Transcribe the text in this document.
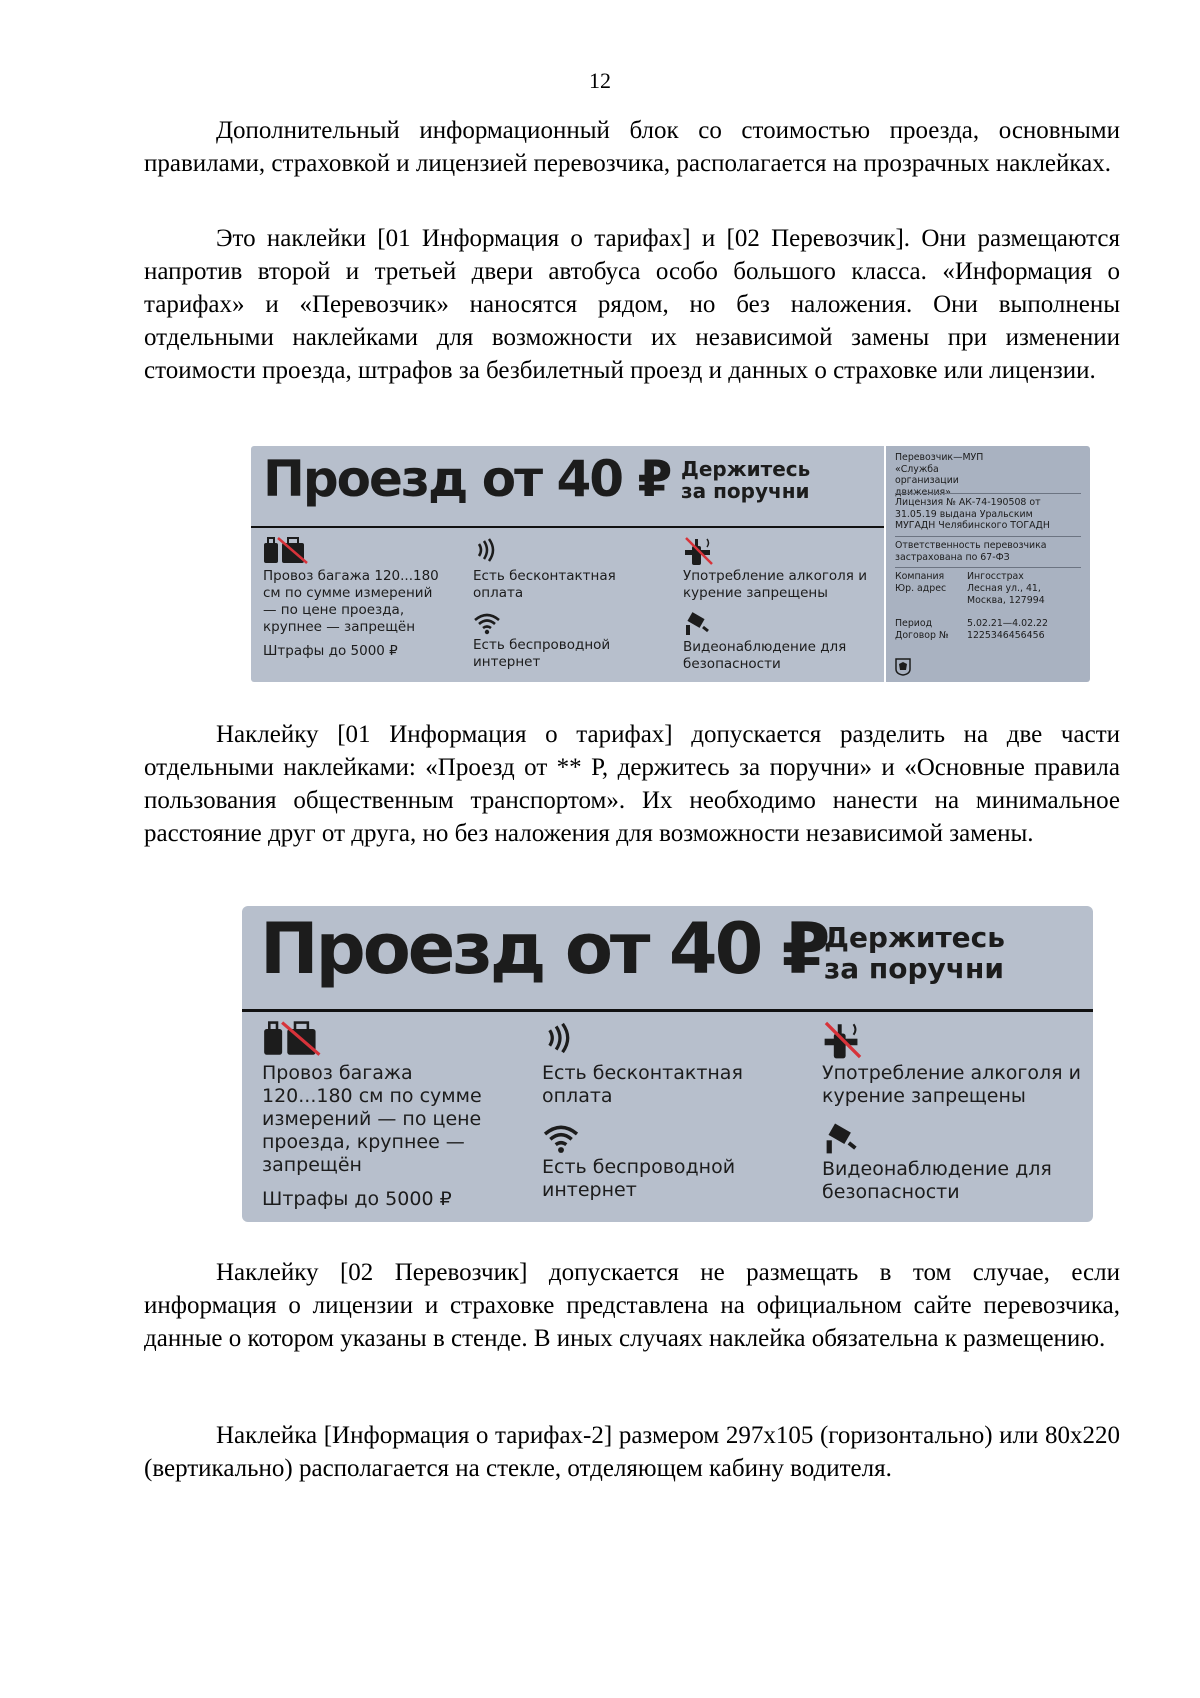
12

Дополнительный информационный блок со стоимостью проезда, основными правилами, страховкой и лицензией перевозчика, располагается на прозрачных наклейках.

Это наклейки [01 Информация о тарифах] и [02 Перевозчик]. Они размещаются напротив второй и третьей двери автобуса особо большого класса. «Информация о тарифах» и «Перевозчик» наносятся рядом, но без наложения. Они выполнены отдельными наклейками для возможности их независимой замены при изменении стоимости проезда, штрафов за безбилетный проезд и данных о страховке или лицензии.

Проезд от 40 ₽ Держитесь за поручни
Провоз багажа 120...180 см по сумме измерений — по цене проезда, крупнее — запрещён
Штрафы до 5000 ₽
Есть бесконтактная оплата
Есть беспроводной интернет
Употребление алкоголя и курение запрещены
Видеонаблюдение для безопасности
Перевозчик—МУП «Служба организации
Лицензия № АК-74-190508 от 31.05.19 выдана Уральским МУГАДН Челябинского ТОГАДН
Ответственность перевозчика застрахована по 67-ФЗ
Компания Ингосстрах
Юр. адрес	Лесная ул., 41, Москва, 127994
Период	5.02.21—4.02.22
Договор № 1225346456456

Наклейку [01 Информация о тарифах] допускается разделить на две части отдельными наклейками: «Проезд от ** Р, держитесь за поручни» и «Основные правила пользования общественным транспортом». Их необходимо нанести на минимальное расстояние друг от друга, но без наложения для возможности независимой замены.

Проезд от 40 ₽
Держитесь за поручни
Провоз багажа 120...180 см по сумме измерений — по цене проезда, крупнее — запрещён
Штрафы до 5000 ₽
Есть бесконтактная оплата
Есть беспроводной интернет
Употребление алкоголя и курение запрещены
Видеонаблюдение для безопасности

Наклейку [02 Перевозчик] допускается не размещать в том случае, если информация о лицензии и страховке представлена на официальном сайте перевозчика, данные о котором указаны в стенде. В иных случаях наклейка обязательна к размещению.

Наклейка [Информация о тарифах-2] размером 297x105 (горизонтально) или 80x220 (вертикально) располагается на стекле, отделяющем кабину водителя.
